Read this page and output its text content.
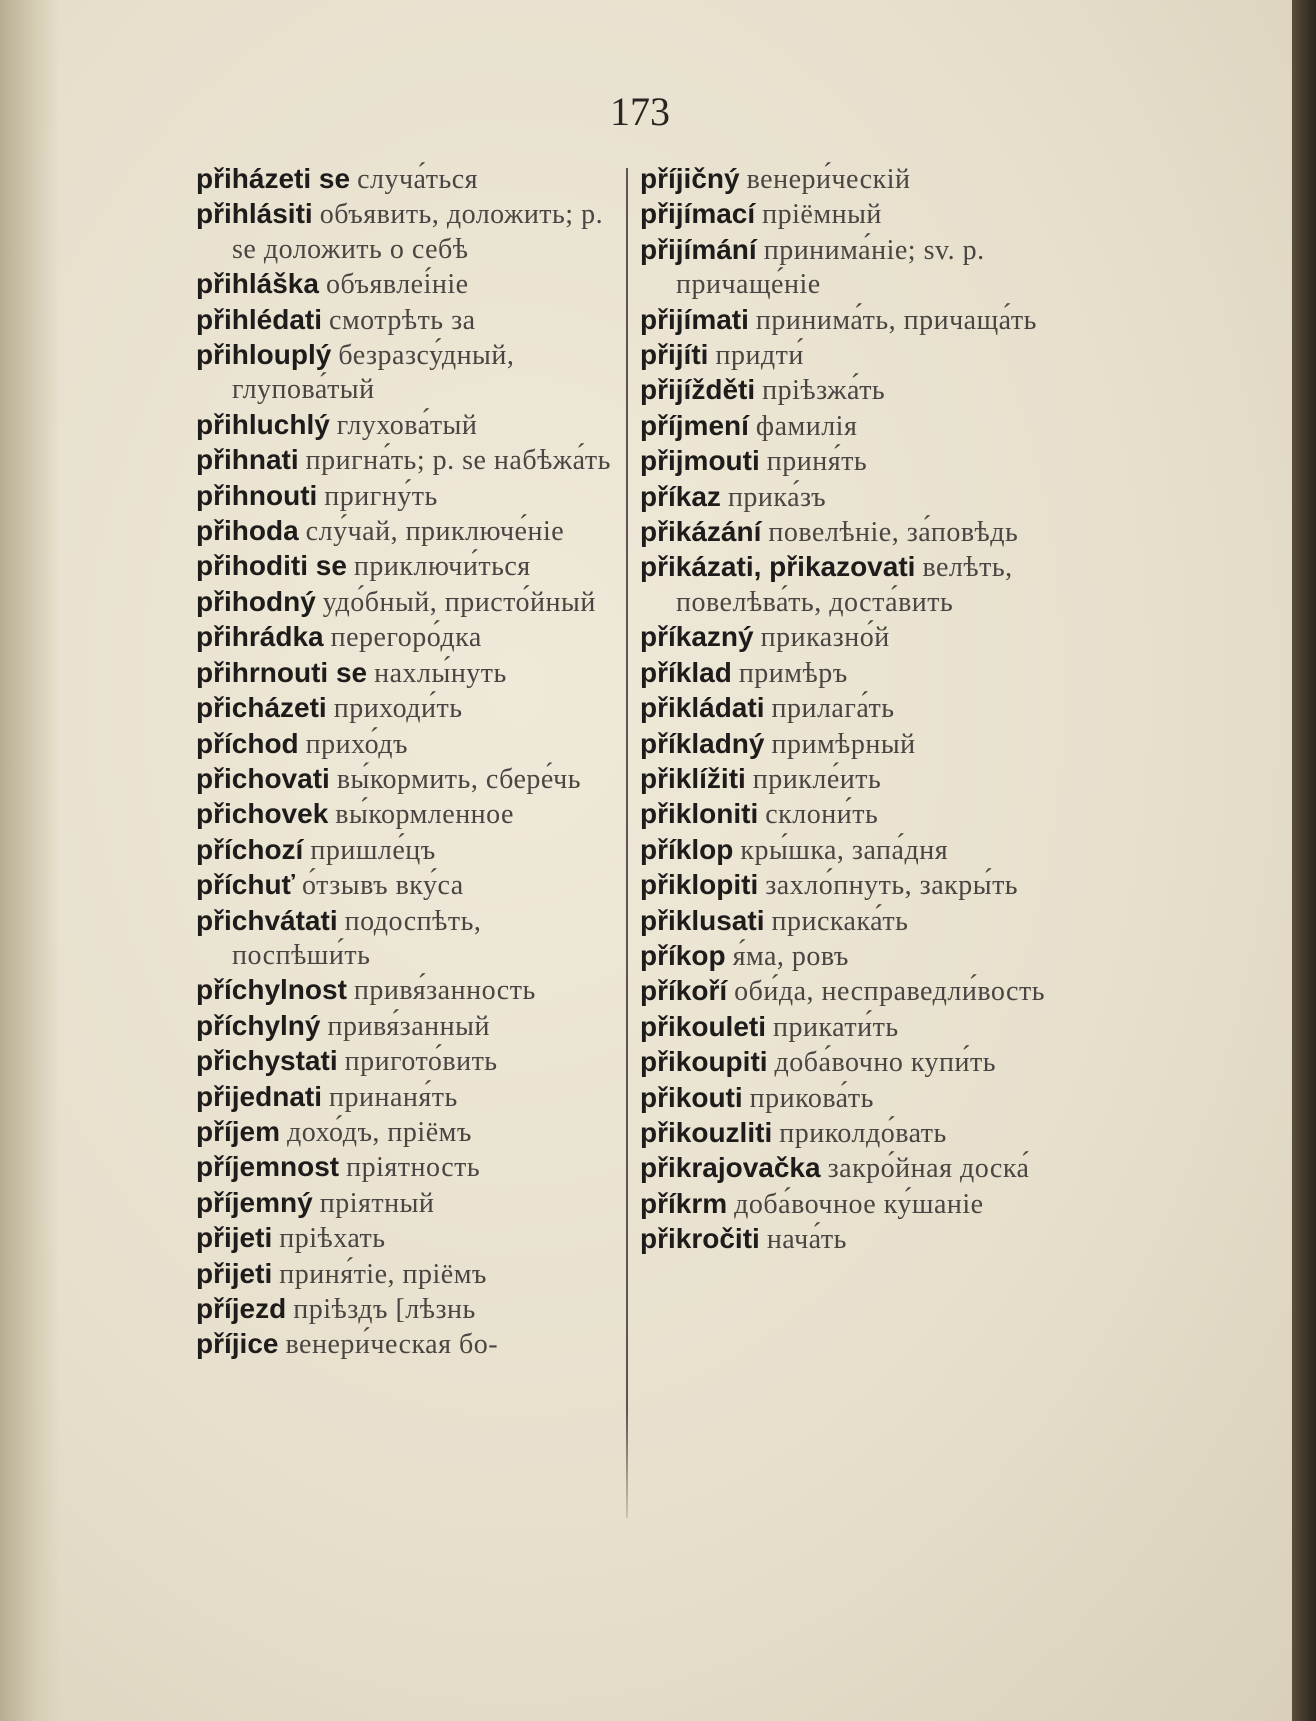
173

přiházeti se случа́ться

přihlásiti объявить, доложить; р. se доложить о себѣ

přihláška объявлеі́ніе

přihlédati смотрѣть за

přihlouplý безразсу́дный, глупова́тый

přihluchlý глухова́тый

přihnati пригна́ть; р. se набѣжа́ть

přihnouti пригну́ть

přihoda слу́чай, приключе́ніе

přihoditi se приключи́ться

přihodný удо́бный, присто́йный

přihrádka перегоро́дка

přihrnouti se нахлы́нуть

přicházeti приходи́ть

příchod прихо́дъ

přichovati вы́кормить, сбере́чь

přichovek вы́кормленное

příchozí пришле́цъ

příchuť о́тзывъ вку́са

přichvátati подоспѣть, поспѣши́ть

příchylnost привя́занность

příchylný привя́занный

přichystati пригото́вить

přijednati принаня́ть

příjem дохо́дъ, пріёмъ

příjemnost пріятность

příjemný пріятный

přijeti пріѣхать

přijeti приня́тіе, пріёмъ

příjezd пріѣздъ [лѣзнь

příjice венери́ческая бо-

příjičný венери́ческій

přijímací пріёмный

přijímání принима́ніе; sv. р. причаще́ніе

přijímati принима́ть, причаща́ть

přijíti придти́

přijížděti пріѣзжа́ть

příjmení фамилія

přijmouti приня́ть

příkaz прика́зъ

přikázání повелѣніе, за́повѣдь

přikázati, přikazovati велѣть, повелѣва́ть, доста́вить

příkazný приказно́й

příklad примѣръ

přikládati прилага́ть

příkladný примѣрный

přiklížiti прикле́ить

přikloniti склони́ть

příklop кры́шка, запа́дня

přiklopiti захло́пнуть, закры́ть

přiklusati прискака́ть

příkop я́ма, ровъ

příkoří оби́да, несправедли́вость

přikouleti прикати́ть

přikoupiti доба́вочно купи́ть

přikouti прикова́ть

přikouzliti приколдо́вать

přikrajovačka закро́йная доска́

příkrm доба́вочное ку́шаніе

přikročiti нача́ть
